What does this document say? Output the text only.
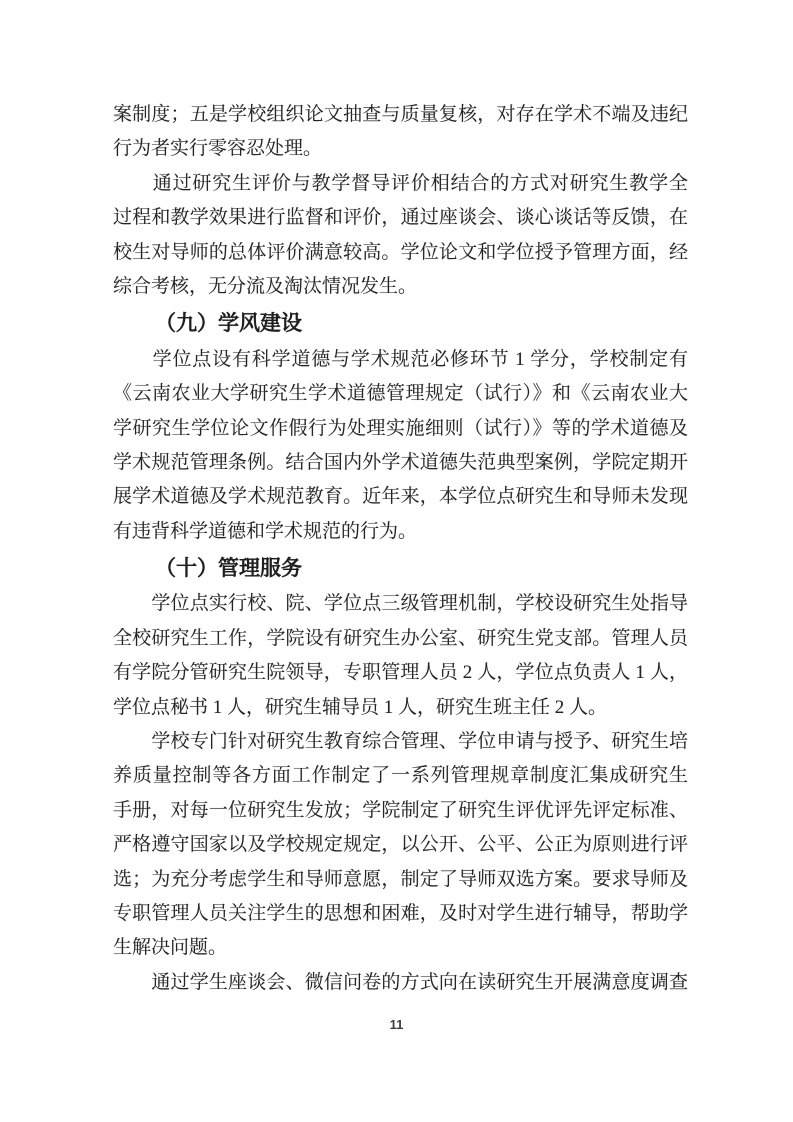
案制度；五是学校组织论文抽查与质量复核，对存在学术不端及违纪
行为者实行零容忍处理。
　　通过研究生评价与教学督导评价相结合的方式对研究生教学全
过程和教学效果进行监督和评价，通过座谈会、谈心谈话等反馈，在
校生对导师的总体评价满意较高。学位论文和学位授予管理方面，经
综合考核，无分流及淘汰情况发生。
（九）学风建设
　　学位点设有科学道德与学术规范必修环节 1 学分，学校制定有
《云南农业大学研究生学术道德管理规定（试行）》和《云南农业大
学研究生学位论文作假行为处理实施细则（试行）》等的学术道德及
学术规范管理条例。结合国内外学术道德失范典型案例，学院定期开
展学术道德及学术规范教育。近年来，本学位点研究生和导师未发现
有违背科学道德和学术规范的行为。
（十）管理服务
　　学位点实行校、院、学位点三级管理机制，学校设研究生处指导
全校研究生工作，学院设有研究生办公室、研究生党支部。管理人员
有学院分管研究生院领导，专职管理人员 2 人，学位点负责人 1 人，
学位点秘书 1 人，研究生辅导员 1 人，研究生班主任 2 人。
　　学校专门针对研究生教育综合管理、学位申请与授予、研究生培
养质量控制等各方面工作制定了一系列管理规章制度汇集成研究生
手册，对每一位研究生发放；学院制定了研究生评优评先评定标准、
严格遵守国家以及学校规定规定，以公开、公平、公正为原则进行评
选；为充分考虑学生和导师意愿，制定了导师双选方案。要求导师及
专职管理人员关注学生的思想和困难，及时对学生进行辅导，帮助学
生解决问题。
　　通过学生座谈会、微信问卷的方式向在读研究生开展满意度调查
11
